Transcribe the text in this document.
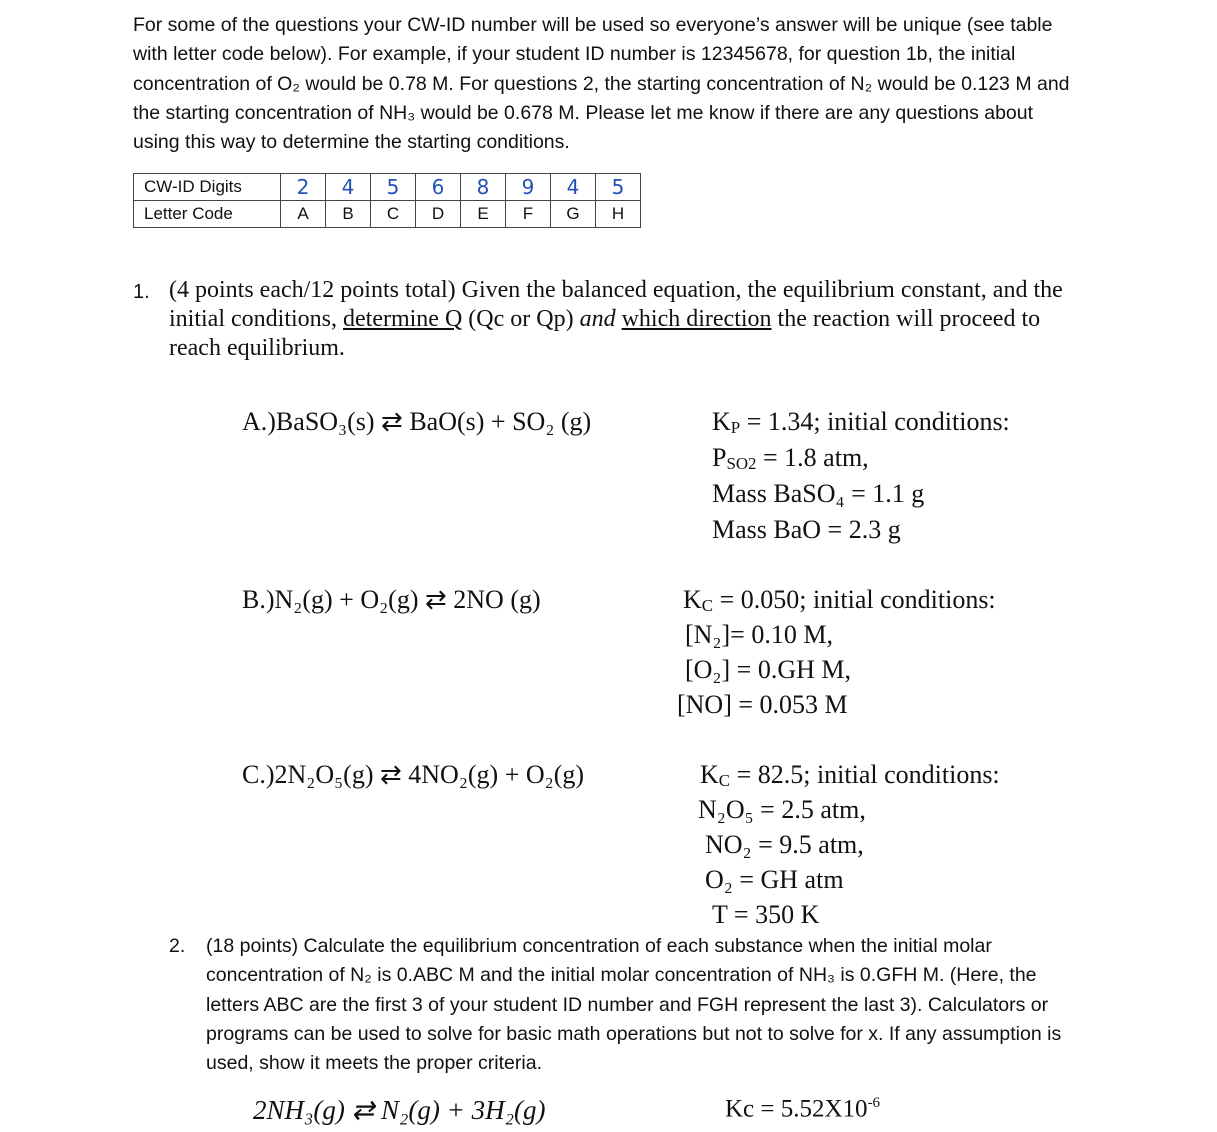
For some of the questions your CW-ID number will be used so everyone’s answer will be unique (see table with letter code below). For example, if your student ID number is 12345678, for question 1b, the initial concentration of O₂ would be 0.78 M. For questions 2, the starting concentration of N₂ would be 0.123 M and the starting concentration of NH₃ would be 0.678 M. Please let me know if there are any questions about using this way to determine the starting conditions.
CW-ID Digits	2	4	5	6	8	9	4	5
Letter Code	A	B	C	D	E	F	G	H
1. (4 points each/12 points total) Given the balanced equation, the equilibrium constant, and the initial conditions, determine Q (Qc or Qp) and which direction the reaction will proceed to reach equilibrium.
A.)BaSO₃(s) ⇄ BaO(s) + SO₂ (g)	$K_P = 1.34$; initial conditions:
$P_{SO2} = 1.8$ atm,
Mass BaSO₄ = 1.1 g
Mass BaO = 2.3 g
B.)N₂(g) + O₂(g) ⇄ 2NO (g)	$K_C = 0.050$; initial conditions:
[N₂]= 0.10 M,
[O₂] = 0.GH M,
[NO] = 0.053 M
C.)2N₂O₅(g) ⇄ 4NO₂(g) + O₂(g)	$K_C = 82.5$; initial conditions:
N₂O₅ = 2.5 atm,
NO₂ = 9.5 atm,
O₂ = GH atm
T = 350 K
2. (18 points) Calculate the equilibrium concentration of each substance when the initial molar concentration of N₂ is 0.ABC M and the initial molar concentration of NH₃ is 0.GFH M. (Here, the letters ABC are the first 3 of your student ID number and FGH represent the last 3). Calculators or programs can be used to solve for basic math operations but not to solve for x. If any assumption is used, show it meets the proper criteria.
2NH₃(g) ⇄ N₂(g) + 3H₂(g)	$Kc = 5.52X10^{-6}$
